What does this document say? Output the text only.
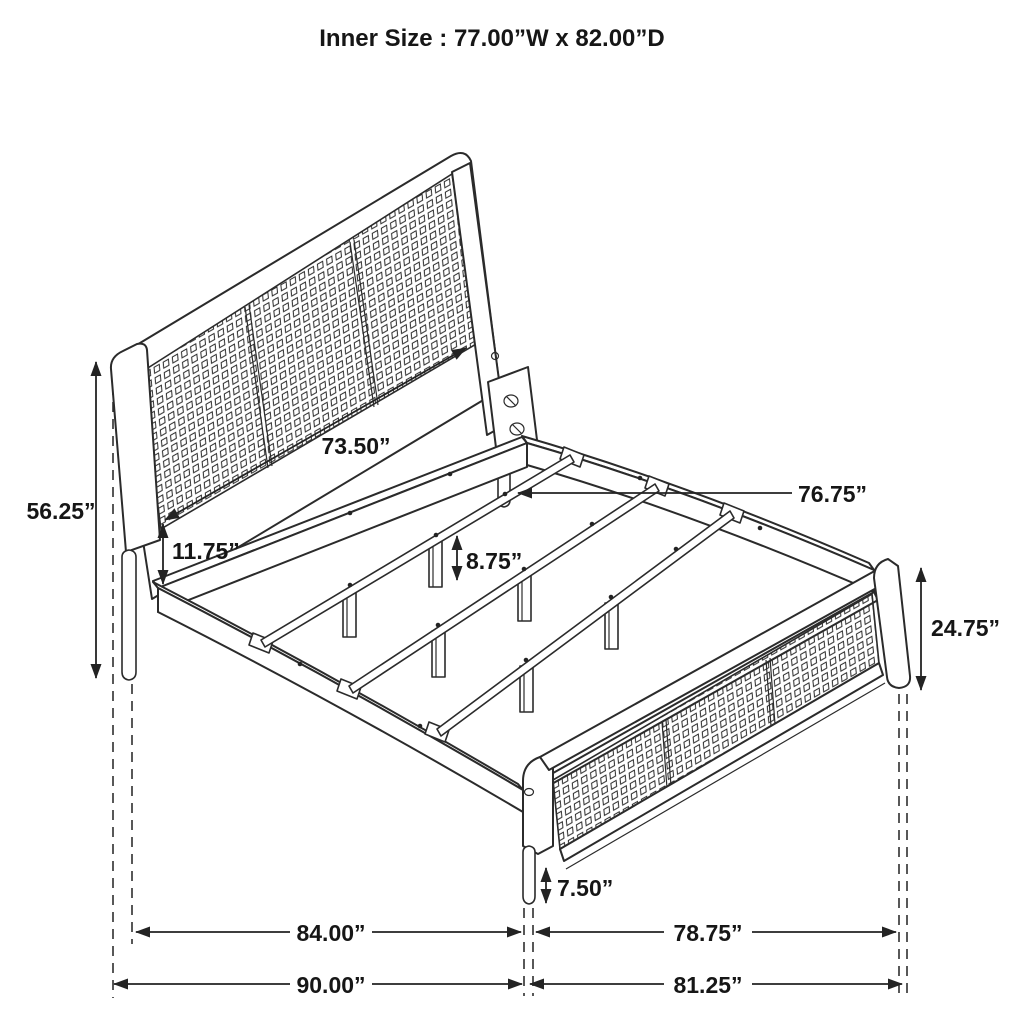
56.25”
73.50”
11.75”	8.75”
76.75”
24.75”
7.50”
84.00”	78.75”
90.00”	81.25”
Inner Size : 77.00”W x 82.00”D
